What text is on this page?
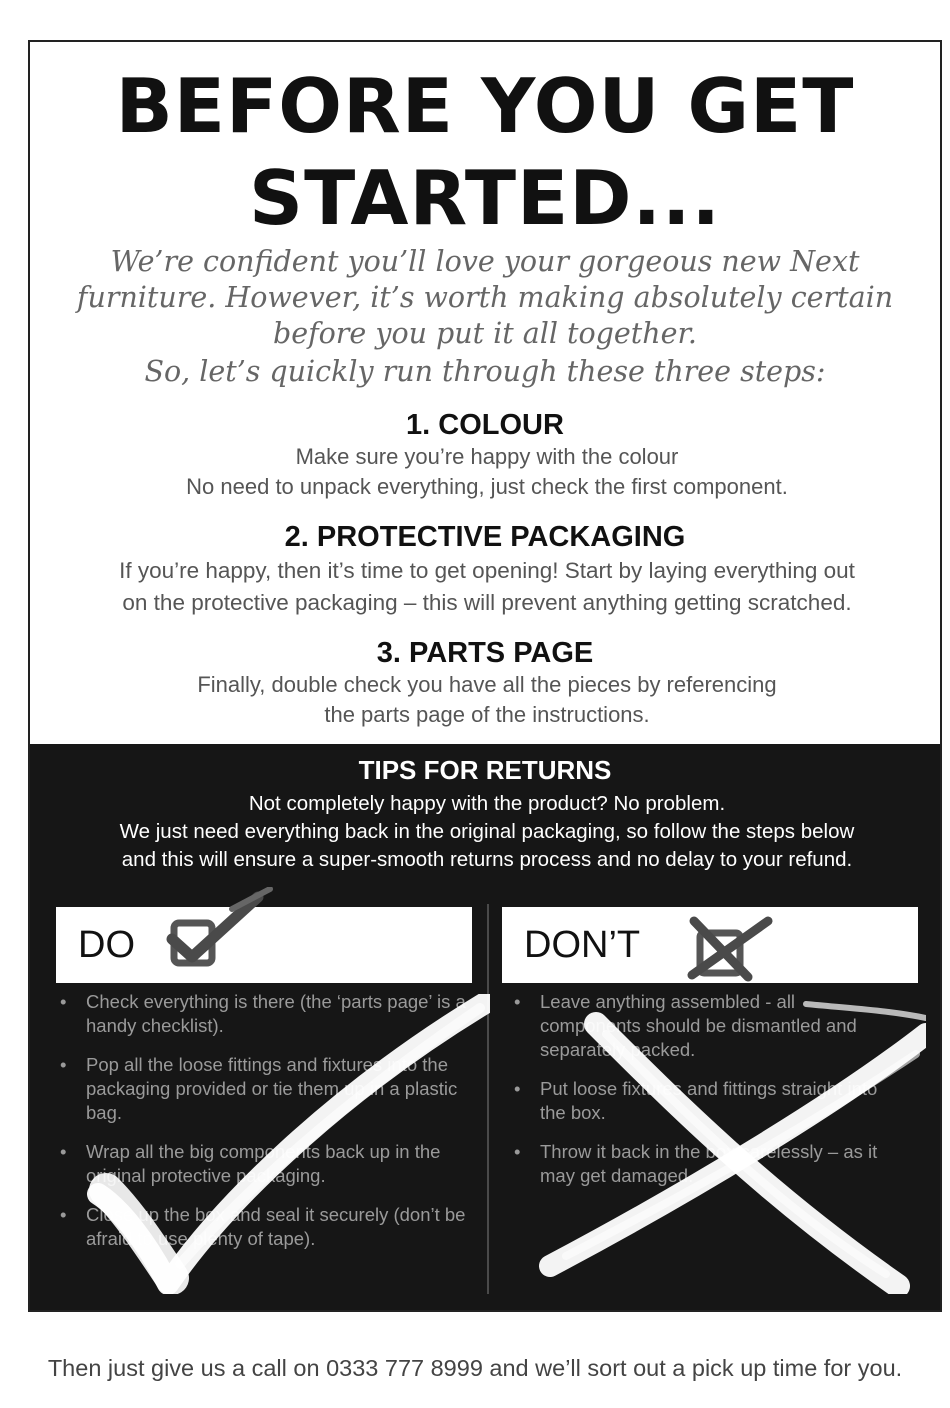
BEFORE YOU GET
STARTED...

We’re confident you’ll love your gorgeous new Next
furniture. However, it’s worth making absolutely certain
before you put it all together.

So, let’s quickly run through these three steps:

1. COLOUR

Make sure you’re happy with the colour
No need to unpack everything, just check the first component.

2. PROTECTIVE PACKAGING

If you’re happy, then it’s time to get opening! Start by laying everything out
on the protective packaging – this will prevent anything getting scratched.

3. PARTS PAGE

Finally, double check you have all the pieces by referencing
the parts page of the instructions.

TIPS FOR RETURNS

Not completely happy with the product? No problem.

We just need everything back in the original packaging, so follow the steps below
and this will ensure a super-smooth returns process and no delay to your refund.

DO	DON’T
• Check everything is there (the ‘parts page’ is a handy checklist).
• Pop all the loose fittings and fixtures into the packaging provided or tie them up in a plastic bag.
• Wrap all the big components back up in the original protective packaging.
• Close up the box and seal it securely (don’t be afraid to use plenty of tape).
• Leave anything assembled - all components should be dismantled and separately packed.
• Put loose fixtures and fittings straight into the box.
• Throw it back in the box carelessly – as it may get damaged.

Then just give us a call on 0333 777 8999 and we’ll sort out a pick up time for you.
